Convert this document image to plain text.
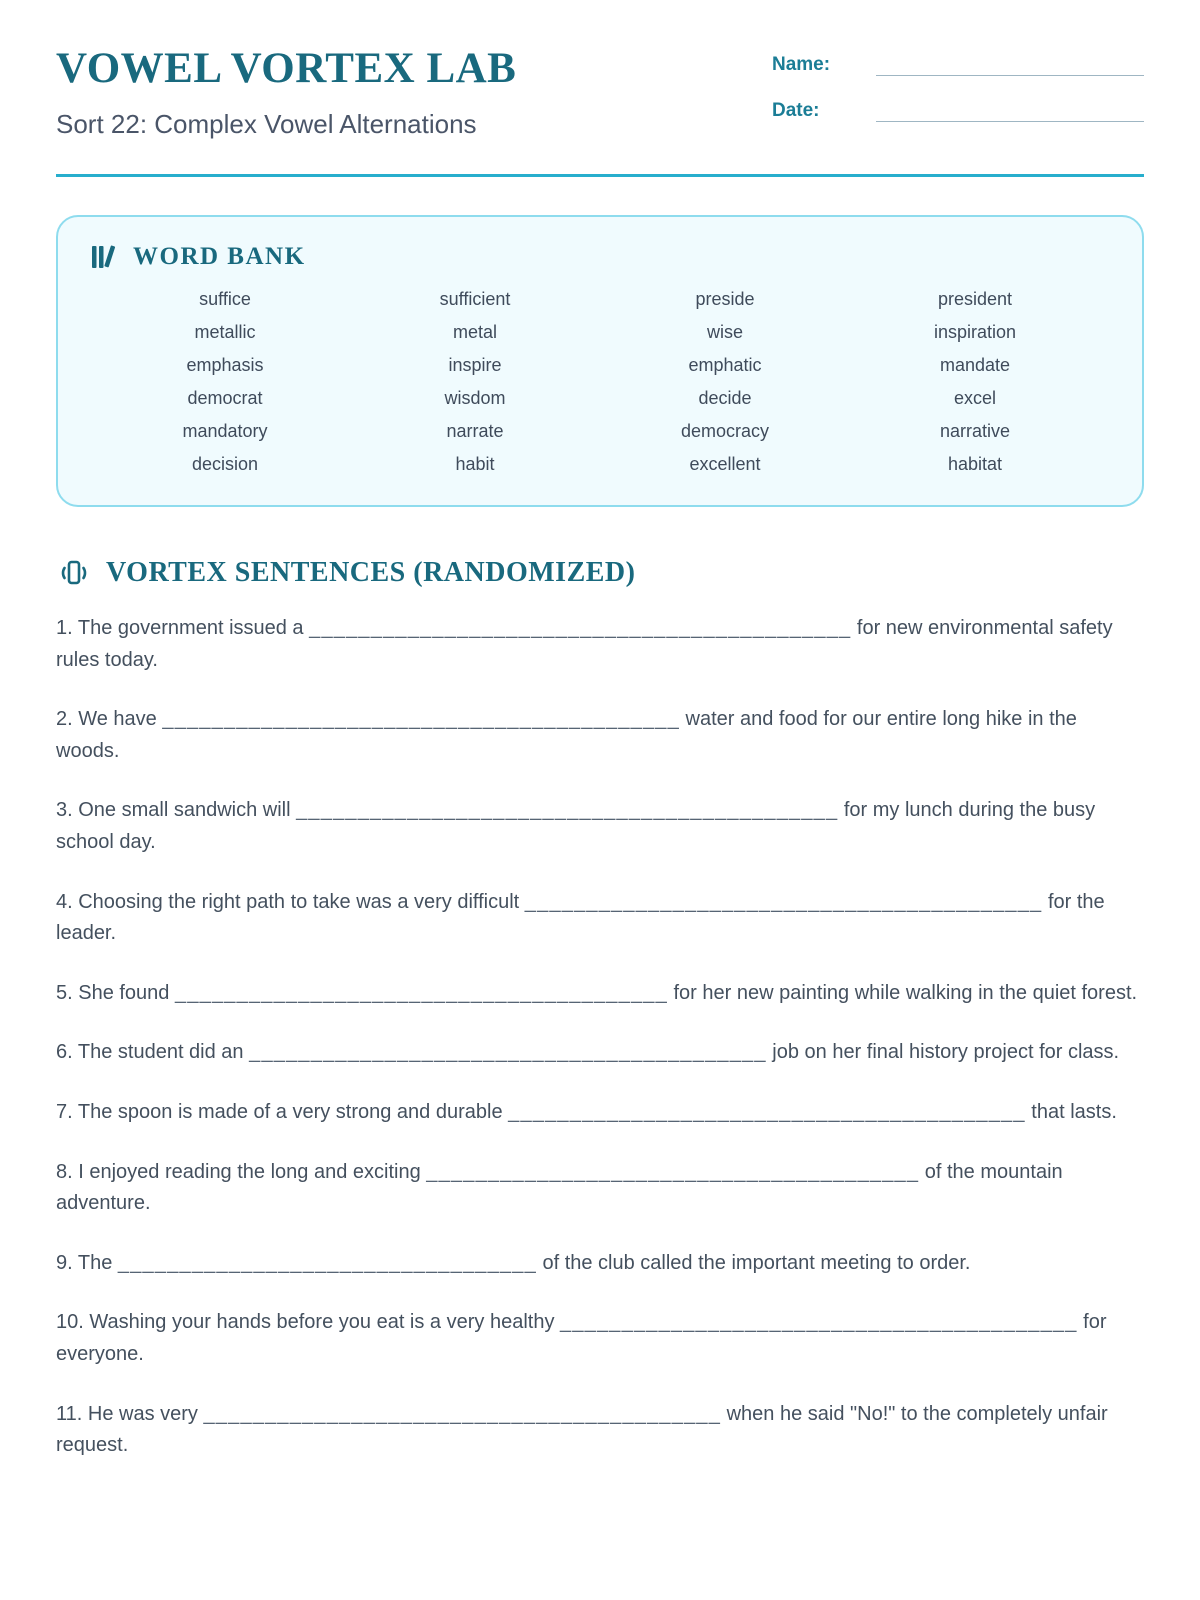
VOWEL VORTEX LAB

Sort 22: Complex Vowel Alternations

Name:
Date:
WORD BANK
suffice	sufficient	preside	president
metallic	metal	wise	inspiration
emphasis	inspire	emphatic	mandate
democrat	wisdom	decide	excel
mandatory	narrate	democracy	narrative
decision	habit	excellent	habitat
VORTEX SENTENCES (RANDOMIZED)

1. The government issued a ____________________________________________ for new environmental safety rules today.

2. We have __________________________________________ water and food for our entire long hike in the woods.

3. One small sandwich will ____________________________________________ for my lunch during the busy school day.

4. Choosing the right path to take was a very difficult __________________________________________ for the leader.

5. She found ________________________________________ for her new painting while walking in the quiet forest.

6. The student did an __________________________________________ job on her final history project for class.

7. The spoon is made of a very strong and durable __________________________________________ that lasts.

8. I enjoyed reading the long and exciting ________________________________________ of the mountain adventure.

9. The __________________________________ of the club called the important meeting to order.

10. Washing your hands before you eat is a very healthy __________________________________________ for everyone.

11. He was very __________________________________________ when he said "No!" to the completely unfair request.
